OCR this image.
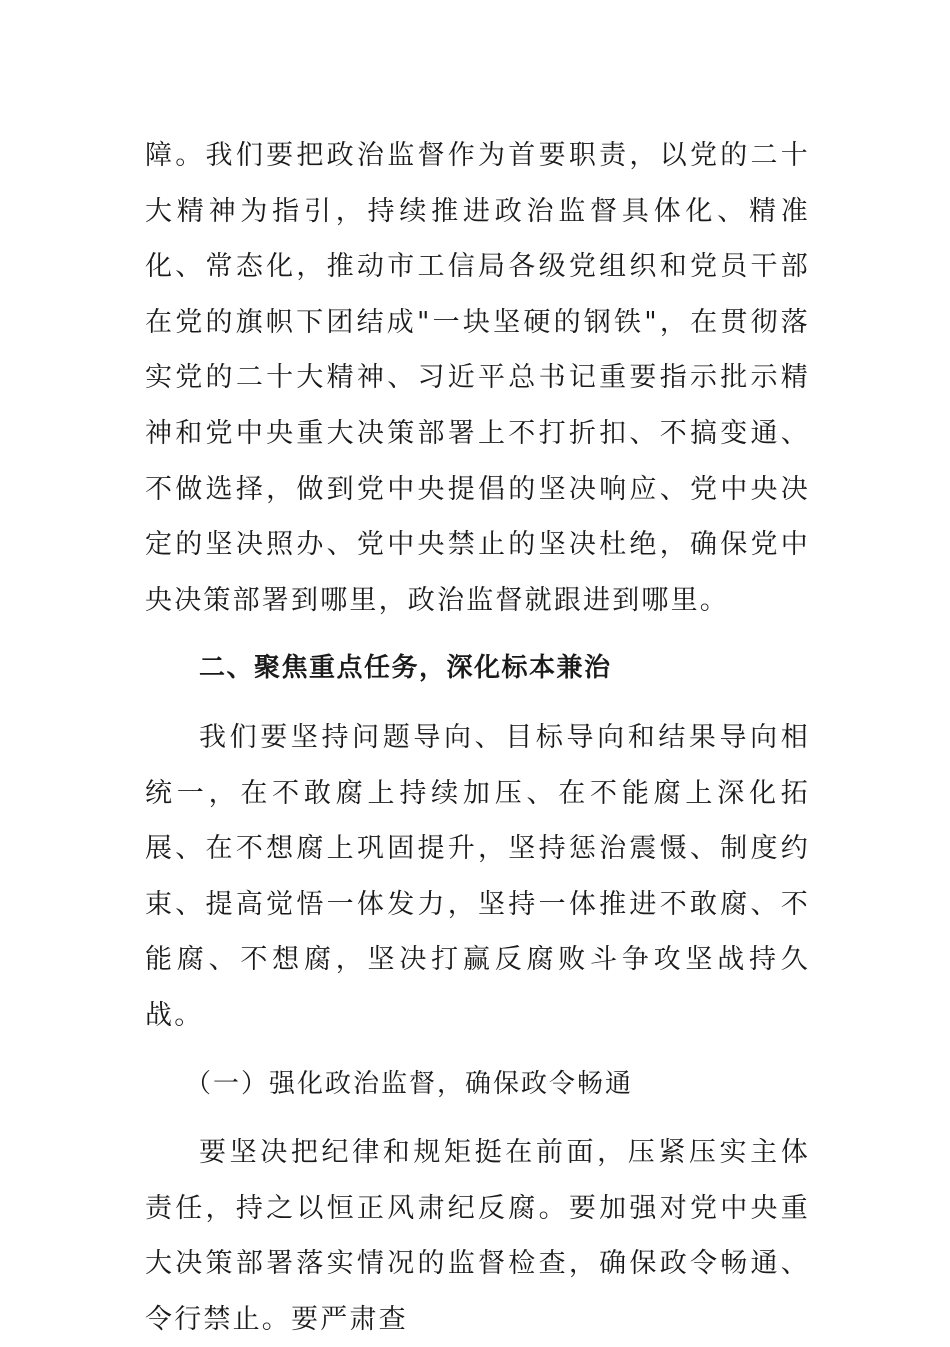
障。我们要把政治监督作为首要职责，以党的二十大精神为指引，持续推进政治监督具体化、精准化、常态化，推动市工信局各级党组织和党员干部在党的旗帜下团结成"一块坚硬的钢铁"，在贯彻落实党的二十大精神、习近平总书记重要指示批示精神和党中央重大决策部署上不打折扣、不搞变通、不做选择，做到党中央提倡的坚决响应、党中央决定的坚决照办、党中央禁止的坚决杜绝，确保党中央决策部署到哪里，政治监督就跟进到哪里。

二、聚焦重点任务，深化标本兼治

我们要坚持问题导向、目标导向和结果导向相统一，在不敢腐上持续加压、在不能腐上深化拓展、在不想腐上巩固提升，坚持惩治震慑、制度约束、提高觉悟一体发力，坚持一体推进不敢腐、不能腐、不想腐，坚决打赢反腐败斗争攻坚战持久战。

（一）强化政治监督，确保政令畅通

要坚决把纪律和规矩挺在前面，压紧压实主体责任，持之以恒正风肃纪反腐。要加强对党中央重大决策部署落实情况的监督检查，确保政令畅通、令行禁止。要严肃查
